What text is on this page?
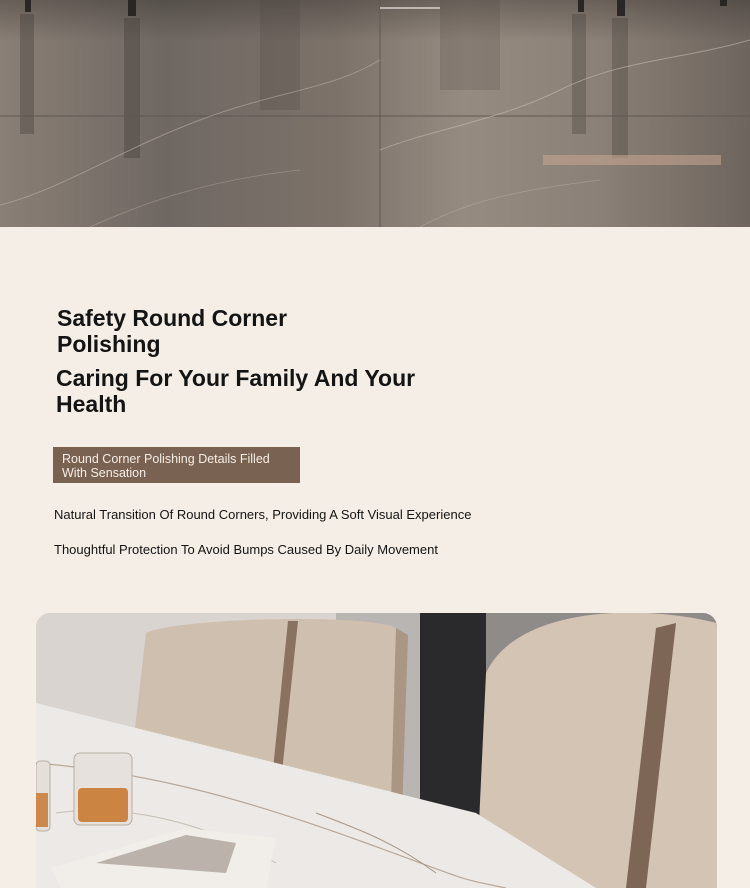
Safety Round Corner Polishing
Caring For Your Family And Your Health
Round Corner Polishing Details Filled With Sensation
Natural Transition Of Round Corners, Providing A Soft Visual Experience
Thoughtful Protection To Avoid Bumps Caused By Daily Movement
